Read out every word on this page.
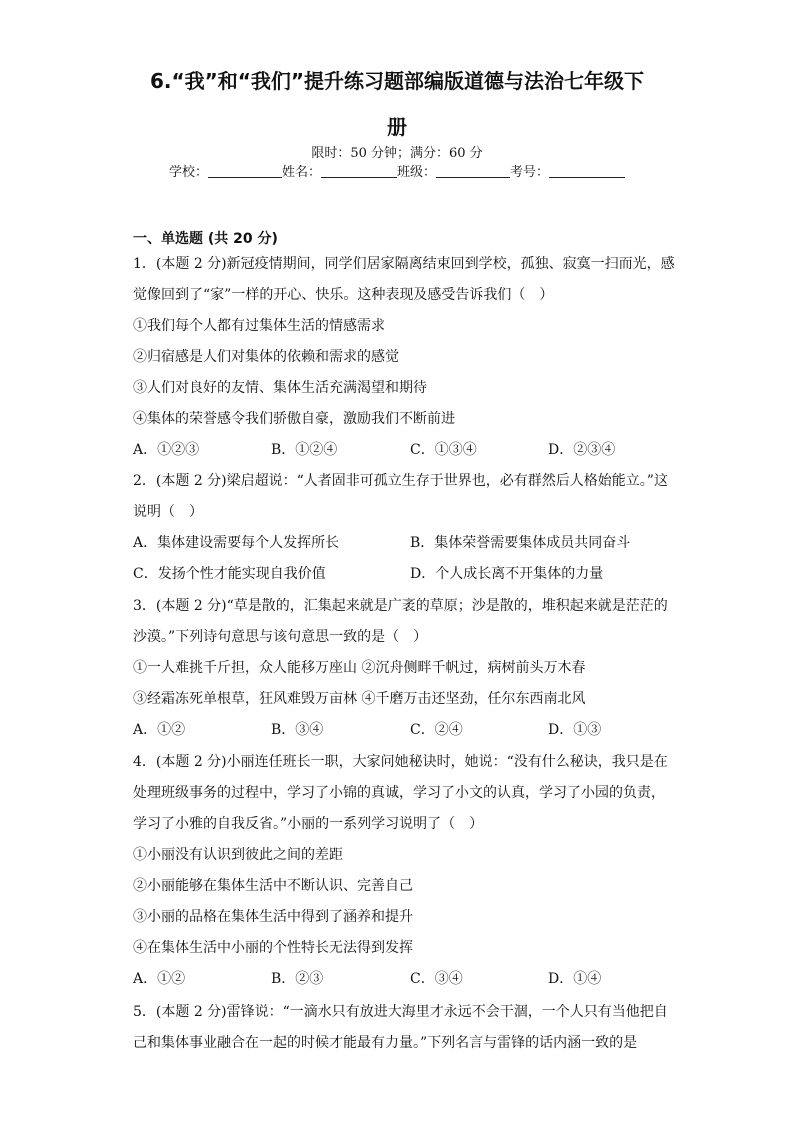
6.“我”和“我们”提升练习题部编版道德与法治七年级下
册
限时：50 分钟；满分：60 分
学校：	姓名：	班级：	考号：
一、单选题 (共 20 分)
1．(本题 2 分)新冠疫情期间，同学们居家隔离结束回到学校，孤独、寂寞一扫而光，感
觉像回到了“家”一样的开心、快乐。这种表现及感受告诉我们（　）
①我们每个人都有过集体生活的情感需求
②归宿感是人们对集体的依赖和需求的感觉
③人们对良好的友情、集体生活充满渴望和期待
④集体的荣誉感令我们骄傲自豪，激励我们不断前进
A．①②③	B．①②④	C．①③④	D．②③④
2．(本题 2 分)梁启超说：“人者固非可孤立生存于世界也，必有群然后人格始能立。”这
说明（　）
A．集体建设需要每个人发挥所长	B．集体荣誉需要集体成员共同奋斗
C．发扬个性才能实现自我价值	D．个人成长离不开集体的力量
3．(本题 2 分)“草是散的，汇集起来就是广袤的草原；沙是散的，堆积起来就是茫茫的
沙漠。”下列诗句意思与该句意思一致的是（　）
①一人难挑千斤担，众人能移万座山 ②沉舟侧畔千帆过，病树前头万木春
③经霜冻死单根草，狂风难毁万亩林 ④千磨万击还坚劲，任尔东西南北风
A．①②	B．③④	C．②④	D．①③
4．(本题 2 分)小丽连任班长一职，大家问她秘诀时，她说：“没有什么秘诀，我只是在
处理班级事务的过程中，学习了小锦的真诚，学习了小文的认真，学习了小园的负责，
学习了小雅的自我反省。”小丽的一系列学习说明了（　）
①小丽没有认识到彼此之间的差距
②小丽能够在集体生活中不断认识、完善自己
③小丽的品格在集体生活中得到了涵养和提升
④在集体生活中小丽的个性特长无法得到发挥
A．①②	B．②③	C．③④	D．①④
5．(本题 2 分)雷锋说：“一滴水只有放进大海里才永远不会干涸，一个人只有当他把自
己和集体事业融合在一起的时候才能最有力量。”下列名言与雷锋的话内涵一致的是
